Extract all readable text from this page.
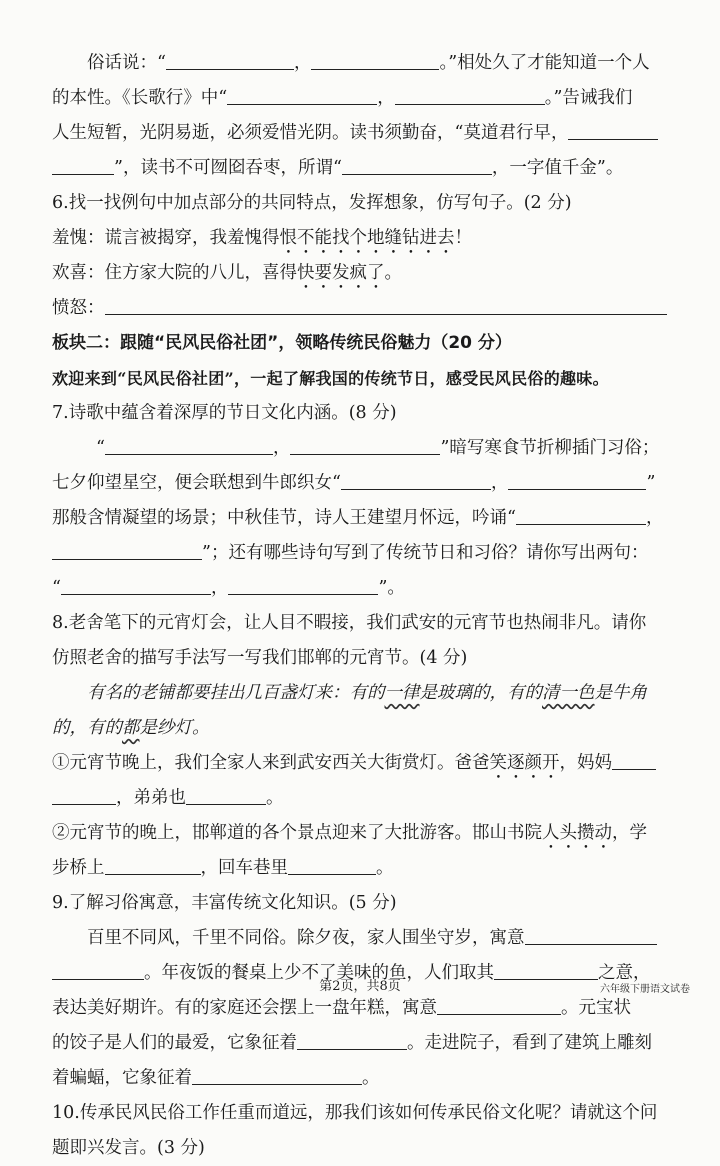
俗话说：“	，	。”相处久了才能知道一个人
的本性。《长歌行》中“	，	。”告诫我们
人生短暂，光阴易逝，必须爱惜光阴。读书须勤奋，“莫道君行早，
”，读书不可囫囵吞枣，所谓“	，一字值千金”。
6.找一找例句中加点部分的共同特点，发挥想象，仿写句子。(2 分)
羞愧：谎言被揭穿，我羞愧得恨不能找个地缝钻进去！
欢喜：住方家大院的八儿，喜得快要发疯了。
愤怒：
板块二：跟随“民风民俗社团”，领略传统民俗魅力（20 分）
欢迎来到“民风民俗社团”，一起了解我国的传统节日，感受民风民俗的趣味。
7.诗歌中蕴含着深厚的节日文化内涵。(8 分)
“	，	”暗写寒食节折柳插门习俗；
七夕仰望星空，便会联想到牛郎织女“	，	”
那般含情凝望的场景；中秋佳节，诗人王建望月怀远，吟诵“	，
”；还有哪些诗句写到了传统节日和习俗？请你写出两句：
“	，	”。
8.老舍笔下的元宵灯会，让人目不暇接，我们武安的元宵节也热闹非凡。请你
仿照老舍的描写手法写一写我们邯郸的元宵节。(4 分)
有名的老铺都要挂出几百盏灯来：有的一律是玻璃的，有的清一色是牛角
的，有的都是纱灯。
①元宵节晚上，我们全家人来到武安西关大街赏灯。爸爸笑逐颜开，妈妈
，弟弟也	。
②元宵节的晚上，邯郸道的各个景点迎来了大批游客。邯山书院人头攒动，学
步桥上	，回车巷里	。
9.了解习俗寓意，丰富传统文化知识。(5 分)
百里不同风，千里不同俗。除夕夜，家人围坐守岁，寓意
。年夜饭的餐桌上少不了美味的鱼，人们取其	之意，
表达美好期许。有的家庭还会摆上一盘年糕，寓意	。元宝状
的饺子是人们的最爱，它象征着	。走进院子，看到了建筑上雕刻
着蝙蝠，它象征着	。
10.传承民风民俗工作任重而道远，那我们该如何传承民俗文化呢？请就这个问
题即兴发言。(3 分)
第2页，共8页	六年级下册语文试卷
